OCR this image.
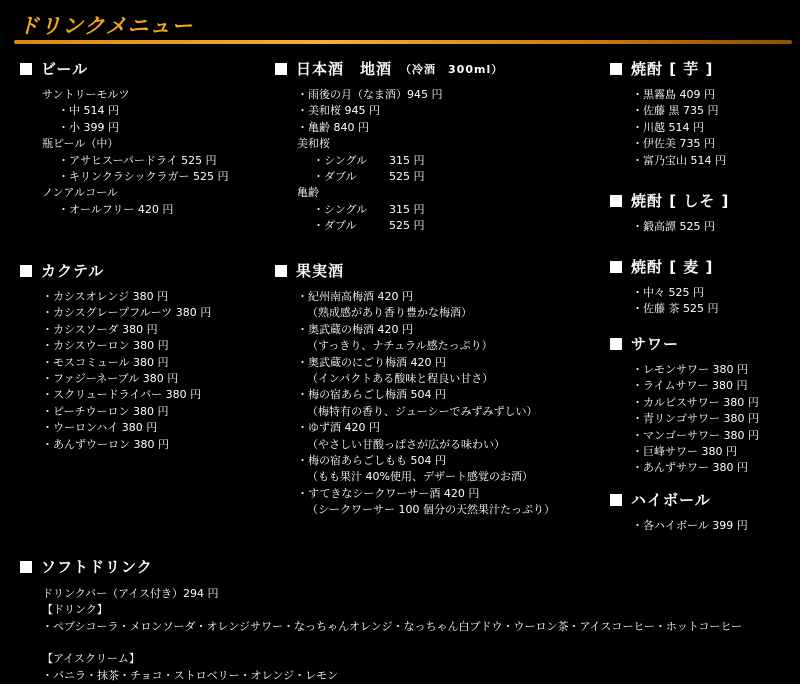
ドリンクメニュー
ビール
サントリーモルツ
・中 514 円
・小 399 円
瓶ビール（中）
・アサヒスーパードライ 525 円
・キリンクラシックラガー 525 円
ノンアルコール
・オールフリー 420 円
日本酒　地酒 （冷酒　300ml）
・雨後の月（なま酒）945 円
・美和桜 945 円
・亀齢 840 円
美和桜
・シングル 315 円
・ダブル	525 円
亀齢
・シングル 315 円
・ダブル	525 円
焼酎 [ 芋 ]
・黒霧島 409 円
・佐藤 黒 735 円
・川越 514 円
・伊佐美 735 円
・富乃宝山 514 円
焼酎 [ しそ ]
・鍛高譚 525 円
焼酎 [ 麦 ]
・中々 525 円
・佐藤 茶 525 円
サワー
・レモンサワー 380 円
・ライムサワー 380 円
・カルピスサワー 380 円
・青リンゴサワー 380 円
・マンゴーサワー 380 円
・巨峰サワー 380 円
・あんずサワー 380 円
ハイボール
・各ハイボール 399 円
カクテル
・カシスオレンジ 380 円
・カシスグレープフルーツ 380 円
・カシスソーダ 380 円
・カシスウーロン 380 円
・モスコミュール 380 円
・ファジーネーブル 380 円
・スクリュードライバー 380 円
・ピーチウーロン 380 円
・ウーロンハイ 380 円
・あんずウーロン 380 円
果実酒
・紀州南高梅酒 420 円
（熟成感があり香り豊かな梅酒）
・奥武蔵の梅酒 420 円
（すっきり、ナチュラル感たっぷり）
・奥武蔵のにごり梅酒 420 円
（インパクトある酸味と程良い甘さ）
・梅の宿あらごし梅酒 504 円
（梅特有の香り、ジューシーでみずみずしい）
・ゆず酒 420 円
（やさしい甘酸っぱさが広がる味わい）
・梅の宿あらごしもも 504 円
（もも果汁 40%使用、デザート感覚のお酒）
・すてきなシークワーサー酒 420 円
（シークワーサー 100 個分の天然果汁たっぷり）
ソフトドリンク
ドリンクバー（アイス付き）294 円
【ドリンク】
・ペプシコーラ・メロンソーダ・オレンジサワー・なっちゃんオレンジ・なっちゃん白ブドウ・ウーロン茶・アイスコーヒー・ホットコーヒー
【アイスクリーム】
・バニラ・抹茶・チョコ・ストロベリー・オレンジ・レモン
